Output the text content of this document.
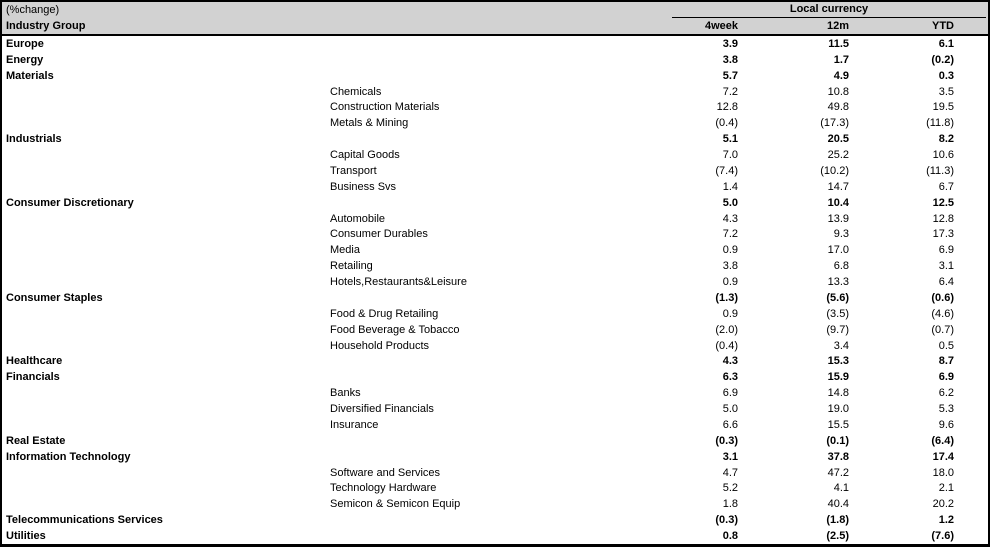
(%change)	Local currency
Industry Group	4week	12m	YTD
Europe	3.9	11.5	6.1
Energy	3.8	1.7	(0.2)
Materials	5.7	4.9	0.3
Chemicals	7.2	10.8	3.5
Construction Materials	12.8	49.8	19.5
Metals & Mining	(0.4)	(17.3)	(11.8)
Industrials	5.1	20.5	8.2
Capital Goods	7.0	25.2	10.6
Transport	(7.4)	(10.2)	(11.3)
Business Svs	1.4	14.7	6.7
Consumer Discretionary	5.0	10.4	12.5
Automobile	4.3	13.9	12.8
Consumer Durables	7.2	9.3	17.3
Media	0.9	17.0	6.9
Retailing	3.8	6.8	3.1
Hotels,Restaurants&Leisure	0.9	13.3	6.4
Consumer Staples	(1.3)	(5.6)	(0.6)
Food & Drug Retailing	0.9	(3.5)	(4.6)
Food Beverage & Tobacco	(2.0)	(9.7)	(0.7)
Household Products	(0.4)	3.4	0.5
Healthcare	4.3	15.3	8.7
Financials	6.3	15.9	6.9
Banks	6.9	14.8	6.2
Diversified Financials	5.0	19.0	5.3
Insurance	6.6	15.5	9.6
Real Estate	(0.3)	(0.1)	(6.4)
Information Technology	3.1	37.8	17.4
Software and Services	4.7	47.2	18.0
Technology Hardware	5.2	4.1	2.1
Semicon & Semicon Equip	1.8	40.4	20.2
Telecommunications Services	(0.3)	(1.8)	1.2
Utilities	0.8	(2.5)	(7.6)
